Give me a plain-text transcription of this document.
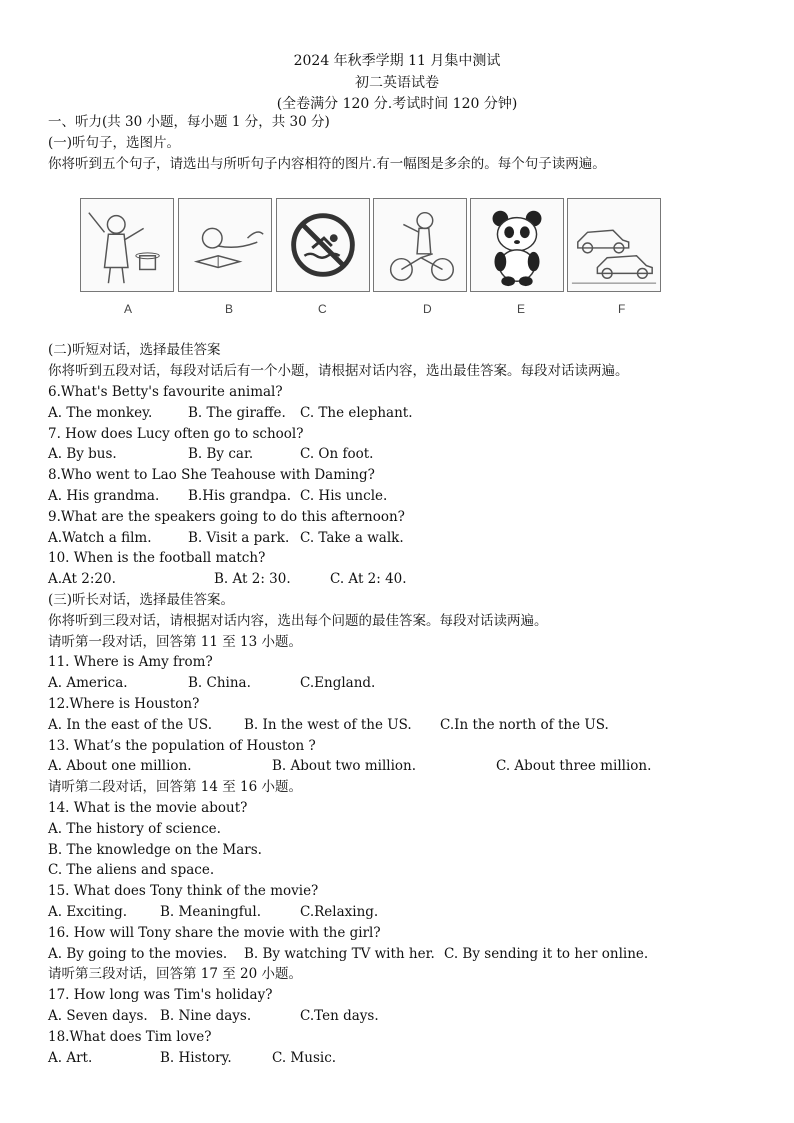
2024 年秋季学期 11 月集中测试
初二英语试卷
(全卷满分 120 分.考试时间 120 分钟)
一、听力(共 30 小题，每小题 1 分，共 30 分)
(一)听句子，选图片。
你将听到五个句子，请选出与所听句子内容相符的图片.有一幅图是多余的。每个句子读两遍。
A	B	C	D	E	F
(二)听短对话，选择最佳答案
你将听到五段对话，每段对话后有一个小题，请根据对话内容，选出最佳答案。每段对话读两遍。
6.What's Betty's favourite animal?
A. The monkey.	B. The giraffe. C. The elephant.
7. How does Lucy often go to school?
A. By bus.	B. By car.	C. On foot.
8.Who went to Lao She Teahouse with Daming?
A. His grandma. B.His grandpa. C. His uncle.
9.What are the speakers going to do this afternoon?
A.Watch a film.	B. Visit a park. C. Take a walk.
10. When is the football match?
A.At 2:20.	B. At 2: 30.	C. At 2: 40.
(三)听长对话，选择最佳答案。
你将听到三段对话，请根据对话内容，选出每个问题的最佳答案。每段对话读两遍。
请听第一段对话，回答第 11 至 13 小题。
11. Where is Amy from?
A. America.	B. China.	C.England.
12.Where is Houston?
A. In the east of the US. B. In the west of the US. C.In the north of the US.
13. What’s the population of Houston ?
A. About one million.	B. About two million.	C. About three million.
请听第二段对话，回答第 14 至 16 小题。
14. What is the movie about?
A. The history of science.
B. The knowledge on the Mars.
C. The aliens and space.
15. What does Tony think of the movie?
A. Exciting. B. Meaningful.	C.Relaxing.
16. How will Tony share the movie with the girl?
A. By going to the movies. B. By watching TV with her. C. By sending it to her online.
请听第三段对话，回答第 17 至 20 小题。
17. How long was Tim's holiday?
A. Seven days. B. Nine days.	C.Ten days.
18.What does Tim love?
A. Art.	B. History.	C. Music.
